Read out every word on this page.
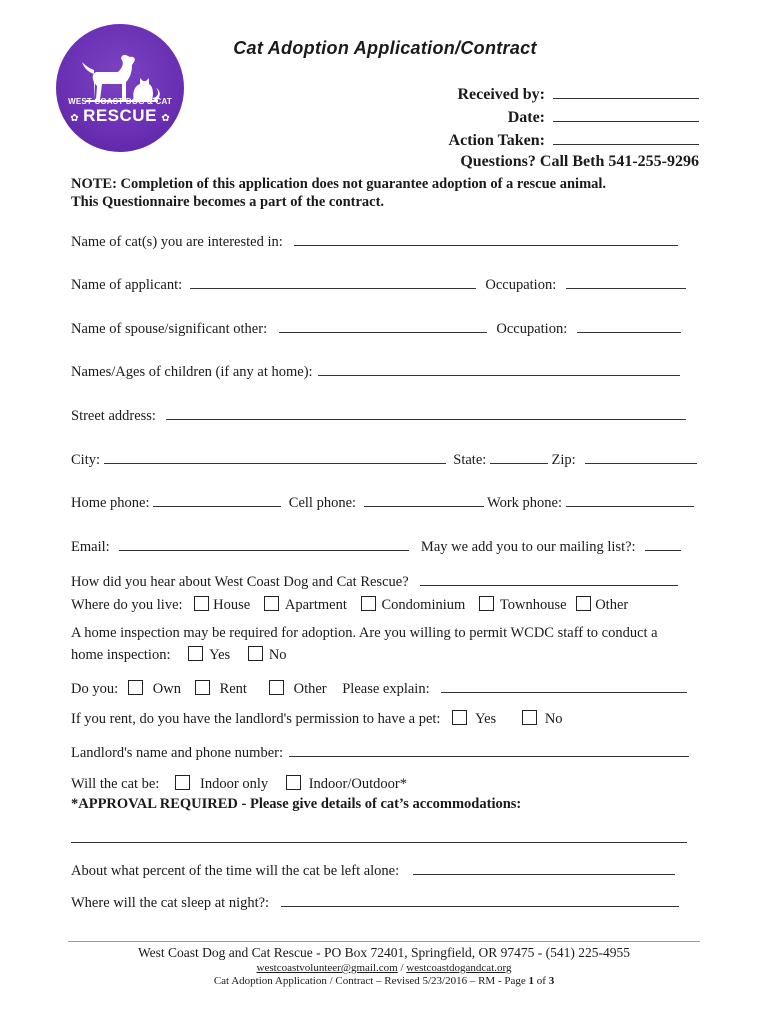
WEST COAST DOG & CAT
✿ RESCUE ✿
Cat Adoption Application/Contract
Received by:
Date:
Action Taken:
Questions? Call Beth 541-255-9296
NOTE: Completion of this application does not guarantee adoption of a rescue animal.
This Questionnaire becomes a part of the contract.
Name of cat(s) you are interested in:
Name of applicant:	Occupation:
Name of spouse/significant other:	Occupation:
Names/Ages of children (if any at home):
Street address:
City:	State:	Zip:
Home phone:	Cell phone:	Work phone:
Email:	May we add you to our mailing list?:
How did you hear about West Coast Dog and Cat Rescue?
Where do you live: House Apartment Condominium Townhouse Other
A home inspection may be required for adoption. Are you willing to permit WCDC staff to conduct a
home inspection:	Yes	No
Do you: Own	Rent	Other Please explain:
If you rent, do you have the landlord's permission to have a pet: Yes	No
Landlord's name and phone number:
Will the cat be:	Indoor only	Indoor/Outdoor*
*APPROVAL REQUIRED - Please give details of cat’s accommodations:
About what percent of the time will the cat be left alone:
Where will the cat sleep at night?:
West Coast Dog and Cat Rescue - PO Box 72401, Springfield, OR 97475 - (541) 225-4955
westcoastvolunteer@gmail.com / westcoastdogandcat.org
Cat Adoption Application / Contract – Revised 5/23/2016 – RM - Page 1 of 3
